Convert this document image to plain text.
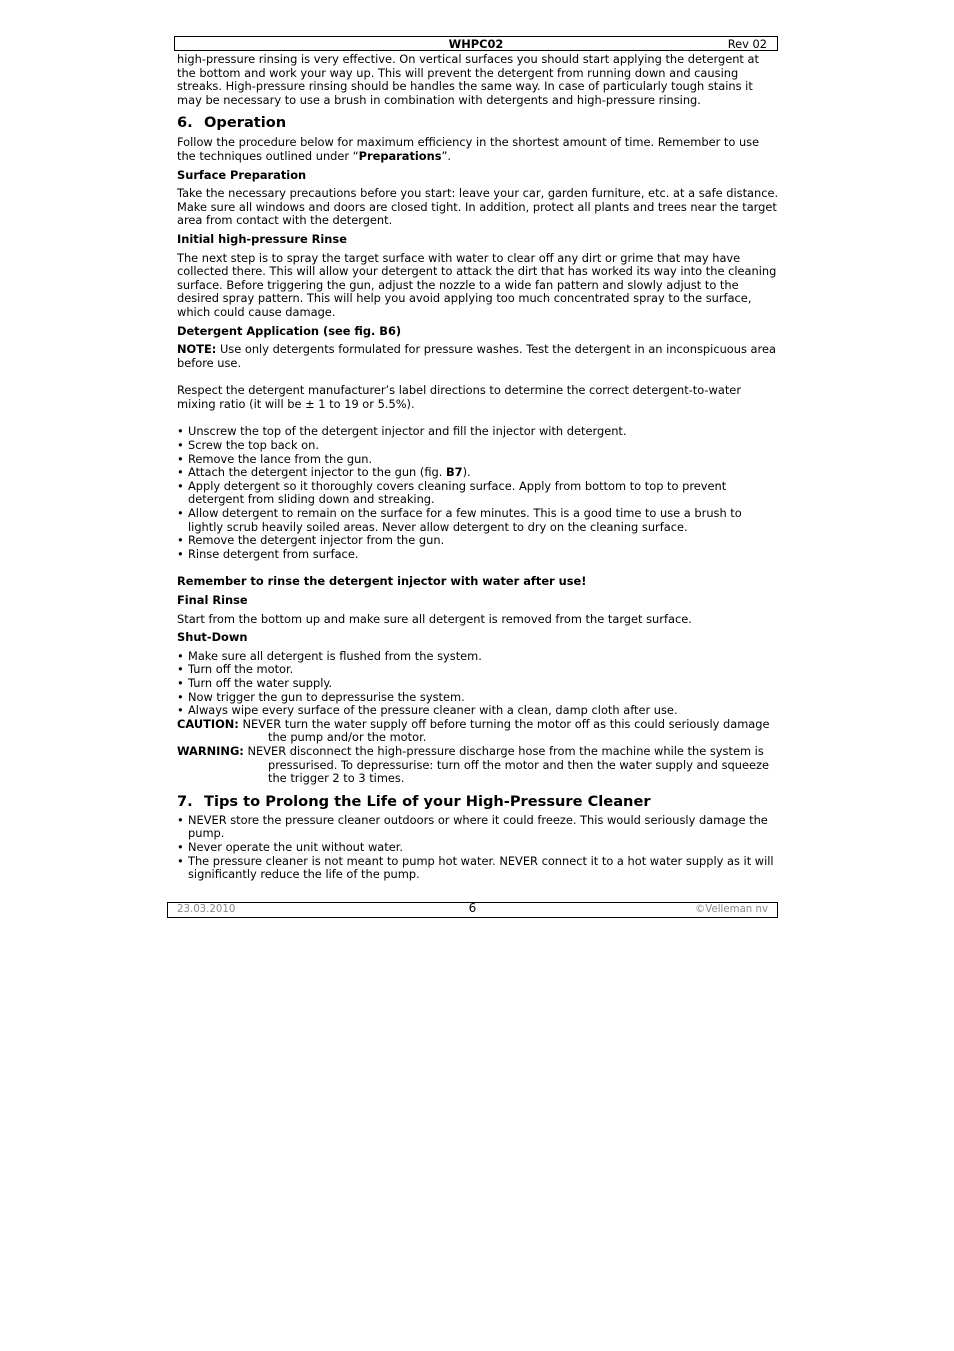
WHPC02	Rev 02

high-pressure rinsing is very effective. On vertical surfaces you should start applying the detergent at the bottom and work your way up. This will prevent the detergent from running down and causing streaks. High-pressure rinsing should be handles the same way. In case of particularly tough stains it may be necessary to use a brush in combination with detergents and high-pressure rinsing.

6. Operation

Follow the procedure below for maximum efficiency in the shortest amount of time. Remember to use the techniques outlined under “Preparations”.

Surface Preparation

Take the necessary precautions before you start: leave your car, garden furniture, etc. at a safe distance. Make sure all windows and doors are closed tight. In addition, protect all plants and trees near the target area from contact with the detergent.

Initial high-pressure Rinse

The next step is to spray the target surface with water to clear off any dirt or grime that may have collected there. This will allow your detergent to attack the dirt that has worked its way into the cleaning surface. Before triggering the gun, adjust the nozzle to a wide fan pattern and slowly adjust to the desired spray pattern. This will help you avoid applying too much concentrated spray to the surface, which could cause damage.

Detergent Application (see fig. B6)

NOTE: Use only detergents formulated for pressure washes. Test the detergent in an inconspicuous area before use.

Respect the detergent manufacturer’s label directions to determine the correct detergent-to-water mixing ratio (it will be ± 1 to 19 or 5.5%).

• Unscrew the top of the detergent injector and fill the injector with detergent.
• Screw the top back on.
• Remove the lance from the gun.
• Attach the detergent injector to the gun (fig. B7).
• Apply detergent so it thoroughly covers cleaning surface. Apply from bottom to top to prevent detergent from sliding down and streaking.
• Allow detergent to remain on the surface for a few minutes. This is a good time to use a brush to lightly scrub heavily soiled areas. Never allow detergent to dry on the cleaning surface.
• Remove the detergent injector from the gun.
• Rinse detergent from surface.
Remember to rinse the detergent injector with water after use!
Final Rinse

Start from the bottom up and make sure all detergent is removed from the target surface.

Shut-Down
• Make sure all detergent is flushed from the system.
• Turn off the motor.
• Turn off the water supply.
• Now trigger the gun to depressurise the system.
• Always wipe every surface of the pressure cleaner with a clean, damp cloth after use.
CAUTION: NEVER turn the water supply off before turning the motor off as this could seriously damage
the pump and/or the motor.
WARNING: NEVER disconnect the high-pressure discharge hose from the machine while the system is
pressurised. To depressurise: turn off the motor and then the water supply and squeeze the trigger 2 to 3 times.
7. Tips to Prolong the Life of your High-Pressure Cleaner
• NEVER store the pressure cleaner outdoors or where it could freeze. This would seriously damage the pump.
• Never operate the unit without water.
• The pressure cleaner is not meant to pump hot water. NEVER connect it to a hot water supply as it will significantly reduce the life of the pump.
23.03.2010	6	©Velleman nv
